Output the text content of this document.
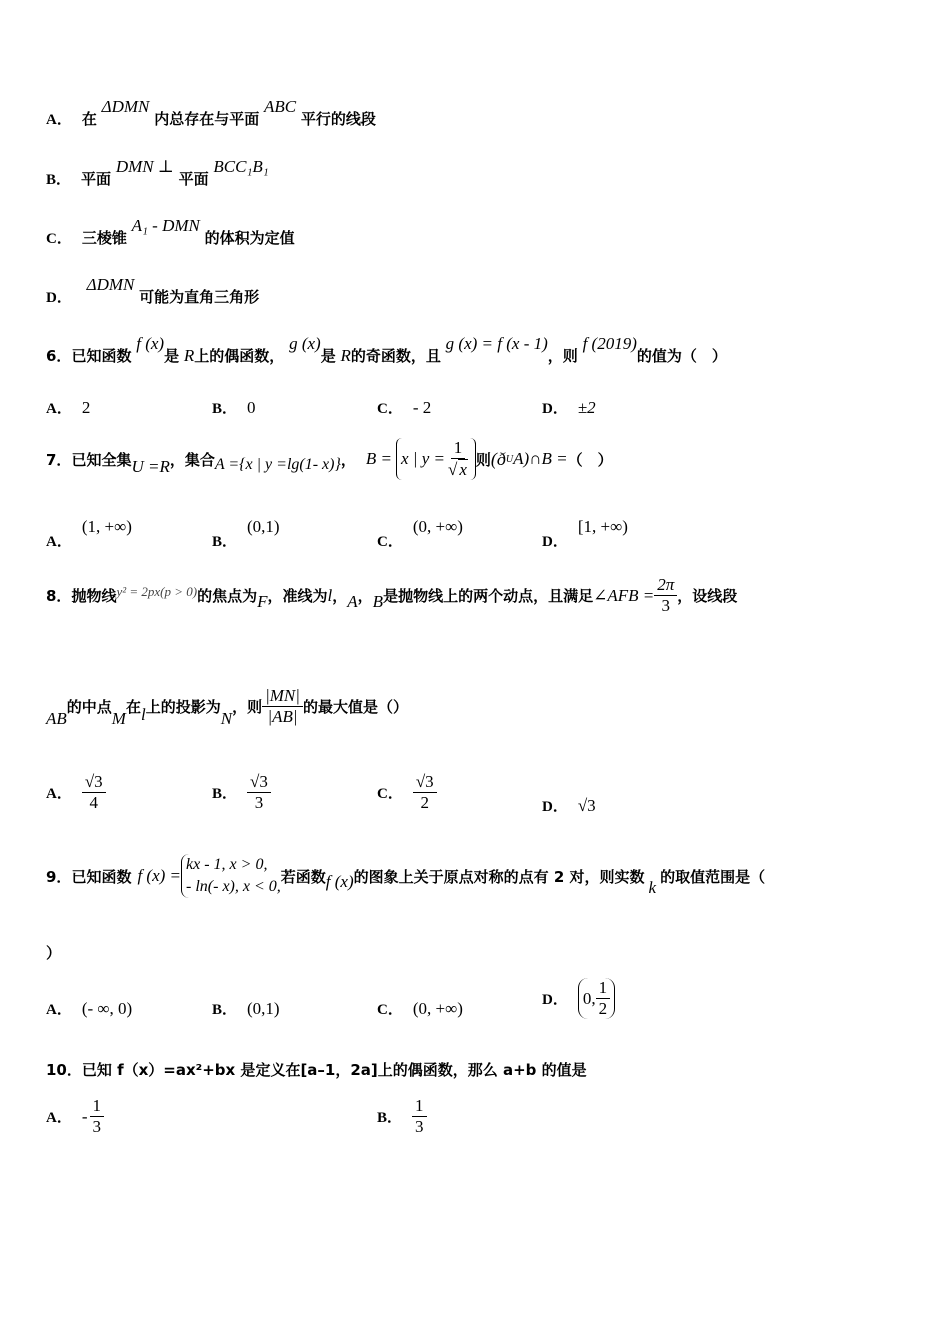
A． 在 ΔDMN 内总存在与平面 ABC 平行的线段
B． 平面 DMN ⊥ 平面 BCC₁B₁
C． 三棱锥 A₁ - DMN 的体积为定值
D． ΔDMN 可能为直角三角形
6．已知函数 f (x)是 R上的偶函数， g (x)是 R的奇函数，且 g (x) = f (x - 1)，则 f (2019)的值为（　）
A． 2	B． 0	C． - 2	D． ±2
7． 已知全集 U =R ，集合 A ={x | y =lg(1- x)} ， B = x | $y = \frac{1}{√ x}$ 则 (ð U A)∩B = （　）
A．(1, +∞)
B．(0,1)
C．(0, +∞)
D．[1, +∞)
8． 抛物线 y² = 2px(p > 0) 的焦点为 F ，准线为 l ， A ， B 是抛物线上的两个动点，且满足 ∠AFB = $\frac{2\pi}{3}$ ，设线段
AB
的中点
M
在 l 上的投影为
N
，则 $\frac{|MN|}{|AB|}$ 的最大值是（）
A． $\frac{√3}{4}$	B． $\frac{√3}{3}$	C． $\frac{√3}{2}$	D． √3
9． 已知函数 f (x) =
kx - 1, x > 0,
- ln(- x), x < 0,
若函数 f (x) 的图象上关于原点对称的点有 2 对，则实数
k
的取值范围是（
）
A． (- ∞, 0)	B． (0,1)	C． (0, +∞)	D． 0, $\frac{1}{2}$
10．已知 f（x）=ax²+bx 是定义在[a–1，2a]上的偶函数，那么 a+b 的值是
A． - $\frac{1}{3}$	B． $\frac{1}{3}$
